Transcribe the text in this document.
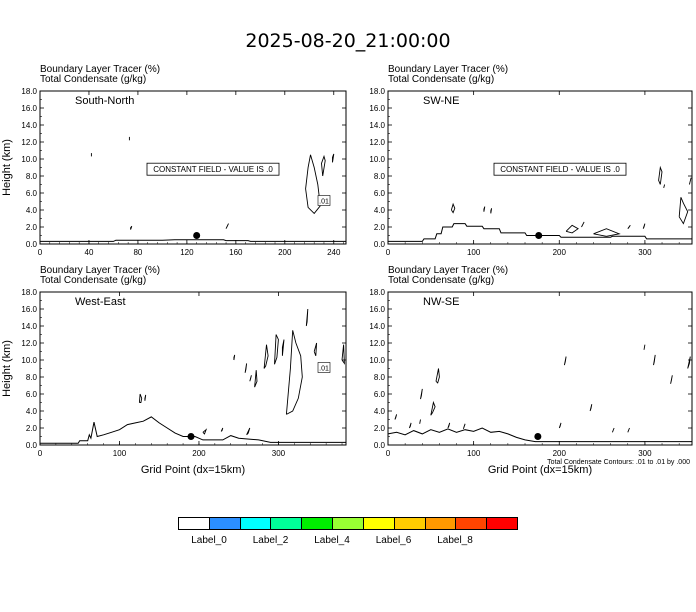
Boundary Layer Tracer (%)
Total Condensate (g/kg)
0.0
2.0
4.0
6.0
8.0
10.0
12.0
14.0
16.0
18.0
0	40	80	120	160	200	240
Height (km)
South-North
CONSTANT FIELD - VALUE IS .0
.01
Boundary Layer Tracer (%)
Total Condensate (g/kg)
0.0
2.0
4.0
6.0
8.0
10.0
12.0
14.0
16.0
18.0
0	100	200	300
SW-NE
CONSTANT FIELD - VALUE IS .0
Boundary Layer Tracer (%)
Total Condensate (g/kg)
0.0
2.0
4.0
6.0
8.0
10.0
12.0
14.0
16.0
18.0
0	100	200	300
Height (km)
Grid Point (dx=15km)
West-East
.01
Boundary Layer Tracer (%)
Total Condensate (g/kg)
0.0
2.0
4.0
6.0
8.0
10.0
12.0
14.0
16.0
18.0
0	100	200	300
Grid Point (dx=15km)
NW-SE
Total Condensate Contours: .01 to .01 by .000
2025-08-20_21:00:00
Label_0	Label_2	Label_4	Label_6	Label_8
